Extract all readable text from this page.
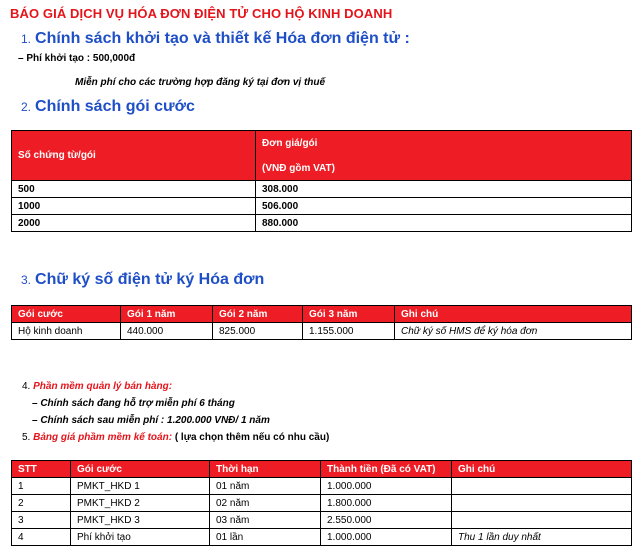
BÁO GIÁ DỊCH VỤ HÓA ĐƠN ĐIỆN TỬ CHO HỘ KINH DOANH
1. Chính sách khởi tạo và thiết kế Hóa đơn điện tử :
– Phí khởi tạo : 500,000đ
Miễn phí cho các trường hợp đăng ký tại đơn vị thuế
2. Chính sách gói cước
Số chứng từ/gói	Đơn giá/gói
(VNĐ gồm VAT)

500	308.000
1000	506.000
2000	880.000
3. Chữ ký số điện tử ký Hóa đơn
Gói cước	Gói 1 năm	Gói 2 năm	Gói 3 năm	Ghi chú
Hộ kinh doanh	440.000	825.000	1.155.000	Chữ ký số HMS để ký hóa đơn
4. Phần mềm quản lý bán hàng:
– Chính sách đang hỗ trợ miễn phí 6 tháng
– Chính sách sau miễn phí : 1.200.000 VNĐ/ 1 năm
5. Bảng giá phầm mềm kế toán: ( lựa chọn thêm nếu có nhu cầu)
STT	Gói cước	Thời hạn	Thành tiền (Đã có VAT)	Ghi chú
1	PMKT_HKD 1	01 năm	1.000.000	
2	PMKT_HKD 2	02 năm	1.800.000	
3	PMKT_HKD 3	03 năm	2.550.000	
4	Phí khởi tạo	01 lần	1.000.000	Thu 1 lần duy nhất
